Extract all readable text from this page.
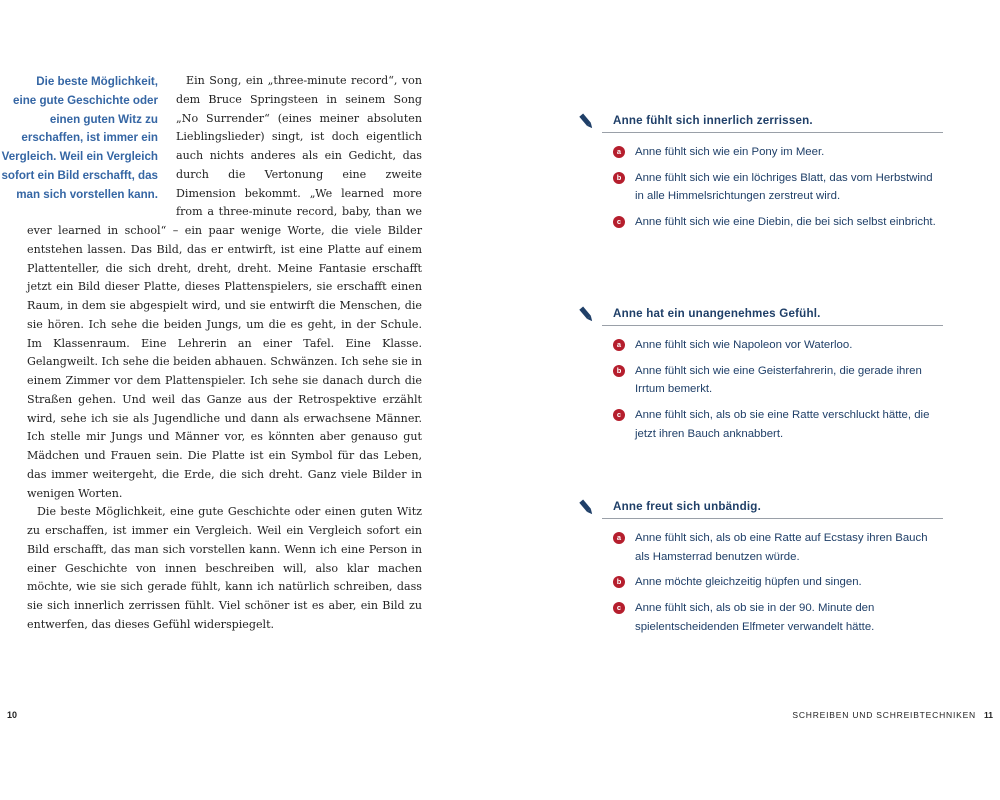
Die beste Möglichkeit, eine gute Geschichte oder einen guten Witz zu erschaffen, ist immer ein Vergleich. Weil ein Vergleich sofort ein Bild erschafft, das man sich vorstellen kann.
Ein Song, ein „three-minute record“, von dem Bruce Springsteen in seinem Song „No Surrender“ (eines meiner absoluten Lieblingslieder) singt, ist doch eigentlich auch nichts anderes als ein Gedicht, das durch die Vertonung eine zweite Dimension bekommt. „We learned more from a three-minute record, baby, than we ever learned in school“ – ein paar wenige Worte, die viele Bilder entstehen lassen. Das Bild, das er entwirft, ist eine Platte auf einem Plattenteller, die sich dreht, dreht, dreht. Meine Fantasie erschafft jetzt ein Bild dieser Platte, dieses Plattenspielers, sie erschafft einen Raum, in dem sie abgespielt wird, und sie entwirft die Menschen, die sie hören. Ich sehe die beiden Jungs, um die es geht, in der Schule. Im Klassenraum. Eine Lehrerin an einer Tafel. Eine Klasse. Gelangweilt. Ich sehe die beiden abhauen. Schwänzen. Ich sehe sie in einem Zimmer vor dem Plattenspieler. Ich sehe sie danach durch die Straßen gehen. Und weil das Ganze aus der Retrospektive erzählt wird, sehe ich sie als Jugendliche und dann als erwachsene Männer. Ich stelle mir Jungs und Männer vor, es könnten aber genauso gut Mädchen und Frauen sein. Die Platte ist ein Symbol für das Leben, das immer weitergeht, die Erde, die sich dreht. Ganz viele Bilder in wenigen Worten.

Die beste Möglichkeit, eine gute Geschichte oder einen guten Witz zu erschaffen, ist immer ein Vergleich. Weil ein Vergleich sofort ein Bild erschafft, das man sich vorstellen kann. Wenn ich eine Person in einer Geschichte von innen beschreiben will, also klar machen möchte, wie sie sich gerade fühlt, kann ich natürlich schreiben, dass sie sich innerlich zerrissen fühlt. Viel schöner ist es aber, ein Bild zu entwerfen, das dieses Gefühl widerspiegelt.

10
Anne fühlt sich innerlich zerrissen.
a	Anne fühlt sich wie ein Pony im Meer.
b	Anne fühlt sich wie ein löchriges Blatt, das vom Herbstwind in alle Himmelsrichtungen zerstreut wird.
c	Anne fühlt sich wie eine Diebin, die bei sich selbst einbricht.
Anne hat ein unangenehmes Gefühl.
a	Anne fühlt sich wie Napoleon vor Waterloo.
b	Anne fühlt sich wie eine Geisterfahrerin, die gerade ihren Irrtum bemerkt.
c	Anne fühlt sich, als ob sie eine Ratte verschluckt hätte, die jetzt ihren Bauch anknabbert.
Anne freut sich unbändig.
a	Anne fühlt sich, als ob eine Ratte auf Ecstasy ihren Bauch als Hamsterrad benutzen würde.
b	Anne möchte gleichzeitig hüpfen und singen.
c	Anne fühlt sich, als ob sie in der 90. Minute den spielentscheidenden Elfmeter verwandelt hätte.
SCHREIBEN UND SCHREIBTECHNIKEN 11
